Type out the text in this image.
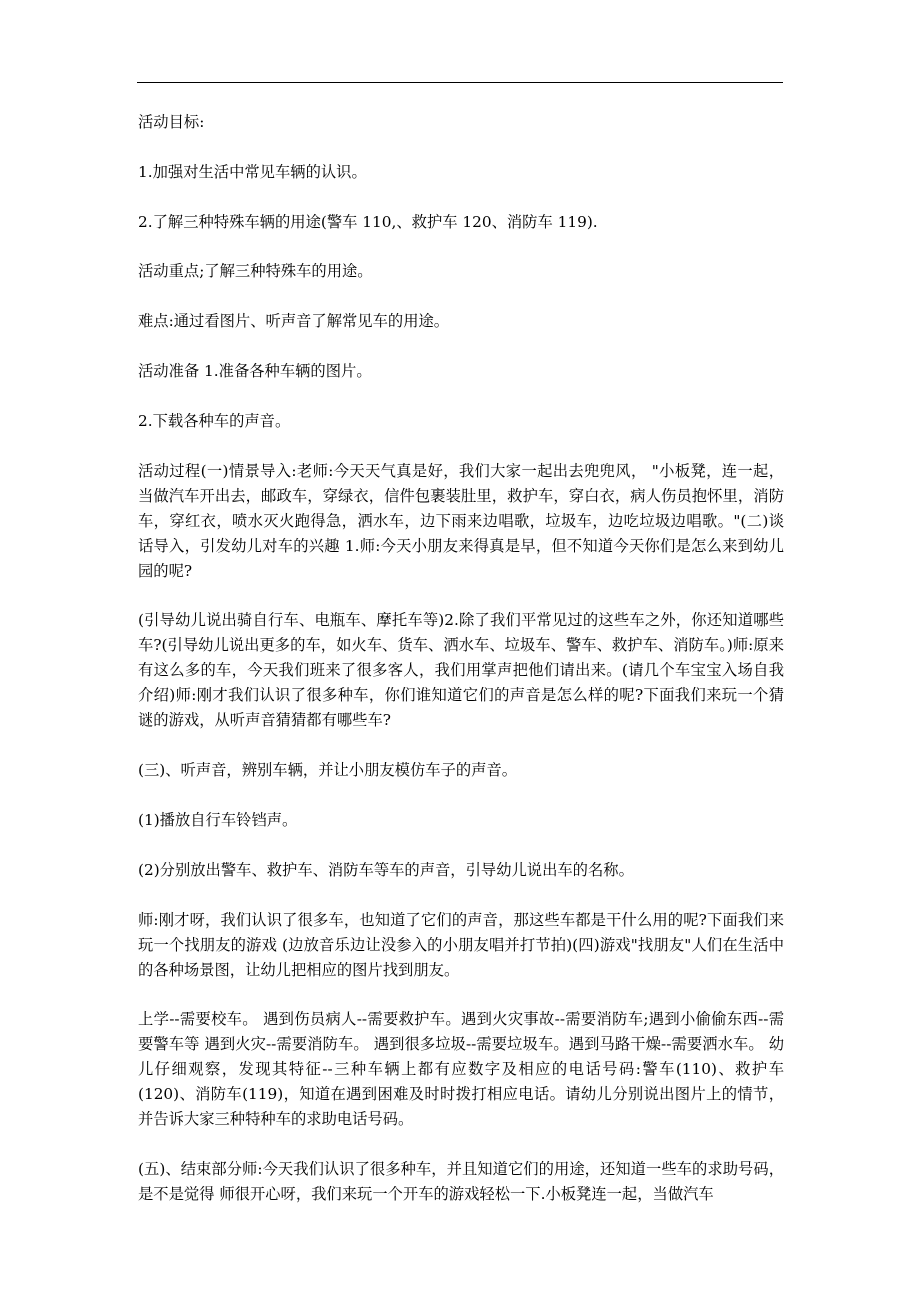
活动目标:

1.加强对生活中常见车辆的认识。

2.了解三种特殊车辆的用途(警车 110,、救护车 120、消防车 119).

活动重点;了解三种特殊车的用途。

难点:通过看图片、听声音了解常见车的用途。

活动准备 1.准备各种车辆的图片。

2.下载各种车的声音。

活动过程(一)情景导入:老师:今天天气真是好，我们大家一起出去兜兜风， "小板凳，连一起，当做汽车开出去，邮政车，穿绿衣，信件包裹装肚里，救护车，穿白衣，病人伤员抱怀里，消防车，穿红衣，喷水灭火跑得急，洒水车，边下雨来边唱歌，垃圾车，边吃垃圾边唱歌。"(二)谈话导入，引发幼儿对车的兴趣 1.师:今天小朋友来得真是早，但不知道今天你们是怎么来到幼儿园的呢?

(引导幼儿说出骑自行车、电瓶车、摩托车等)2.除了我们平常见过的这些车之外，你还知道哪些车?(引导幼儿说出更多的车，如火车、货车、洒水车、垃圾车、警车、救护车、消防车。)师:原来有这么多的车，今天我们班来了很多客人，我们用掌声把他们请出来。(请几个车宝宝入场自我介绍)师:刚才我们认识了很多种车，你们谁知道它们的声音是怎么样的呢?下面我们来玩一个猜谜的游戏，从听声音猜猜都有哪些车?

(三)、听声音，辨别车辆，并让小朋友模仿车子的声音。

(1)播放自行车铃铛声。

(2)分别放出警车、救护车、消防车等车的声音，引导幼儿说出车的名称。

师:刚才呀，我们认识了很多车，也知道了它们的声音，那这些车都是干什么用的呢?下面我们来玩一个找朋友的游戏 (边放音乐边让没参入的小朋友唱并打节拍)(四)游戏"找朋友"人们在生活中的各种场景图，让幼儿把相应的图片找到朋友。

上学--需要校车。 遇到伤员病人--需要救护车。遇到火灾事故--需要消防车;遇到小偷偷东西--需要警车等 遇到火灾--需要消防车。 遇到很多垃圾--需要垃圾车。遇到马路干燥--需要洒水车。 幼儿仔细观察，发现其特征--三种车辆上都有应数字及相应的电话号码:警车(110)、救护车(120)、消防车(119)，知道在遇到困难及时时拨打相应电话。请幼儿分别说出图片上的情节，并告诉大家三种特种车的求助电话号码。

(五)、结束部分师:今天我们认识了很多种车，并且知道它们的用途，还知道一些车的求助号码，是不是觉得 师很开心呀，我们来玩一个开车的游戏轻松一下.小板凳连一起，当做汽车
